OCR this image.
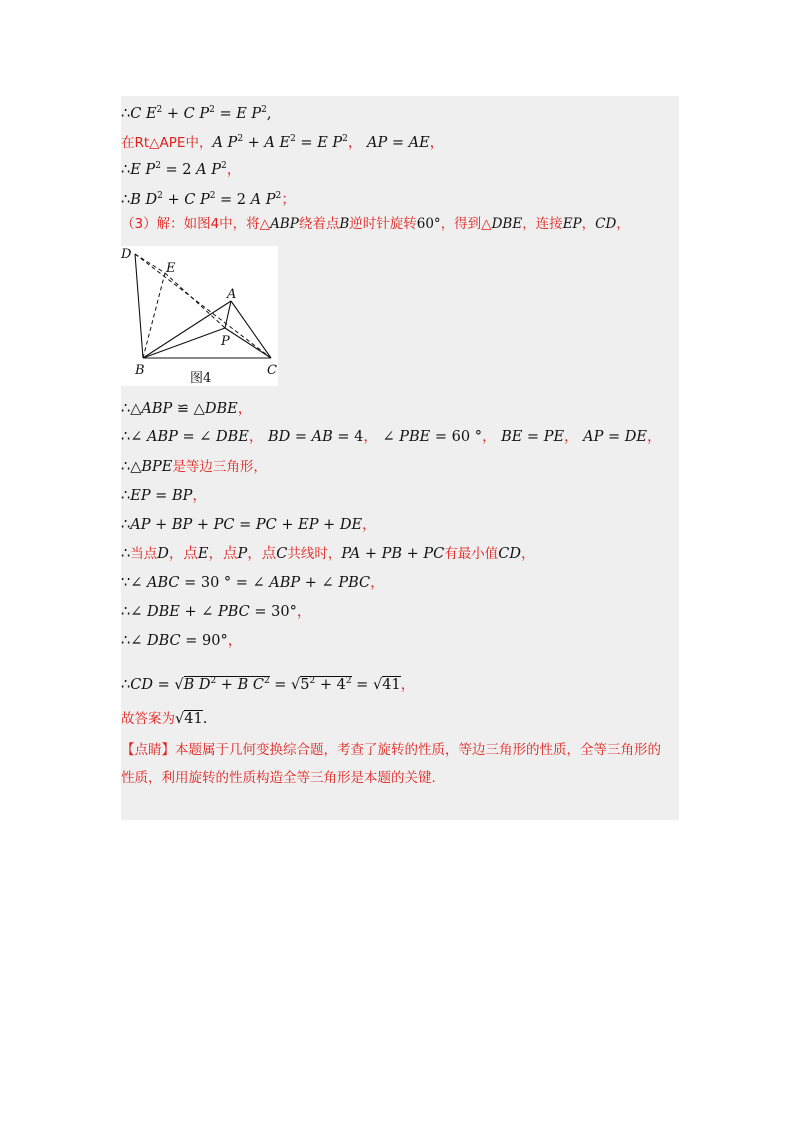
∴C $E^2 + C$ $P^2 = E$ $P^2$,
在Rt△APE中，A $P^2 + A$ $E^2 = E$ $P^2$， AP = AE，
∴E $P^2 = 2$ A $P^2$，
∴B $D^2 + C$ $P^2 = 2$ A $P^2$；
（3）解：如图4中，将△ABP绕着点B逆时针旋转60°，得到△DBE，连接EP，CD，
D
E
A
P
B	C
图4
∴△ABP ≌ △DBE，
∴∠ ABP = ∠ DBE， BD = AB = 4， ∠ PBE = 60 °， BE = PE， AP = DE，
∴△BPE是等边三角形，
∴EP = BP，
∴AP + BP + PC = PC + EP + DE，
∴当点D，点E，点P，点C共线时，PA + PB + PC有最小值CD，
∵∠ ABC = 30 ° = ∠ ABP + ∠ PBC，
∴∠ DBE + ∠ PBC = 30°，
∴∠ DBC = 90°，
∴CD = √B $D^2 + B$ $C^2 = √5^2 + 4^2 = √41$，
故答案为√41.
【点睛】本题属于几何变换综合题，考查了旋转的性质，等边三角形的性质，全等三角形的性质，利用旋转的性质构造全等三角形是本题的关键.
